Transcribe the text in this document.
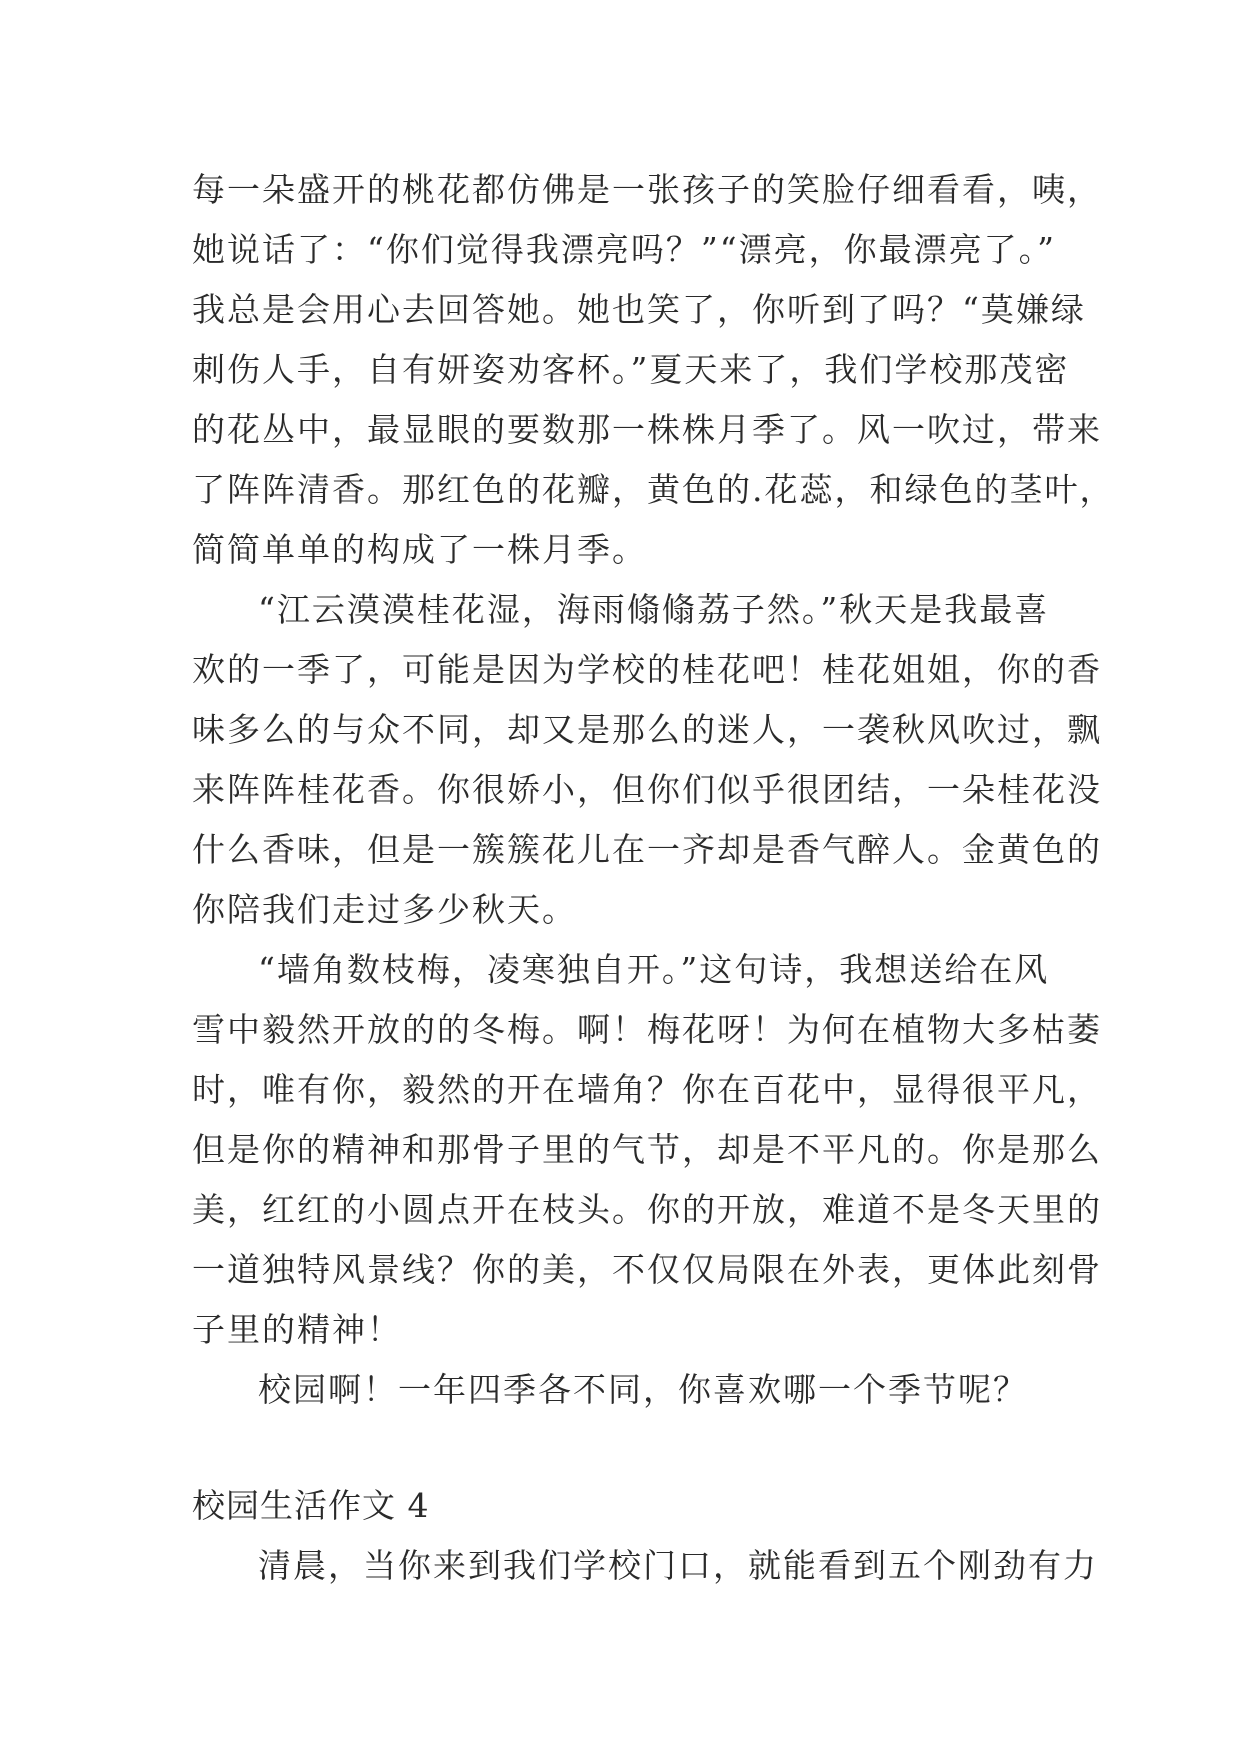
每一朵盛开的桃花都仿佛是一张孩子的笑脸仔细看看，咦，
她说话了：“你们觉得我漂亮吗？”“漂亮，你最漂亮了。”
我总是会用心去回答她。她也笑了，你听到了吗？“莫嫌绿
刺伤人手，自有妍姿劝客杯。”夏天来了，我们学校那茂密
的花丛中，最显眼的要数那一株株月季了。风一吹过，带来
了阵阵清香。那红色的花瓣，黄色的.花蕊，和绿色的茎叶，
简简单单的构成了一株月季。
“江云漠漠桂花湿，海雨翛翛荔子然。”秋天是我最喜
欢的一季了，可能是因为学校的桂花吧！桂花姐姐，你的香
味多么的与众不同，却又是那么的迷人，一袭秋风吹过，飘
来阵阵桂花香。你很娇小，但你们似乎很团结，一朵桂花没
什么香味，但是一簇簇花儿在一齐却是香气醉人。金黄色的
你陪我们走过多少秋天。
“墙角数枝梅，凌寒独自开。”这句诗，我想送给在风
雪中毅然开放的的冬梅。啊！梅花呀！为何在植物大多枯萎
时，唯有你，毅然的开在墙角？你在百花中，显得很平凡，
但是你的精神和那骨子里的气节，却是不平凡的。你是那么
美，红红的小圆点开在枝头。你的开放，难道不是冬天里的
一道独特风景线？你的美，不仅仅局限在外表，更体此刻骨
子里的精神！
校园啊！一年四季各不同，你喜欢哪一个季节呢？
校园生活作文 4
清晨，当你来到我们学校门口，就能看到五个刚劲有力
